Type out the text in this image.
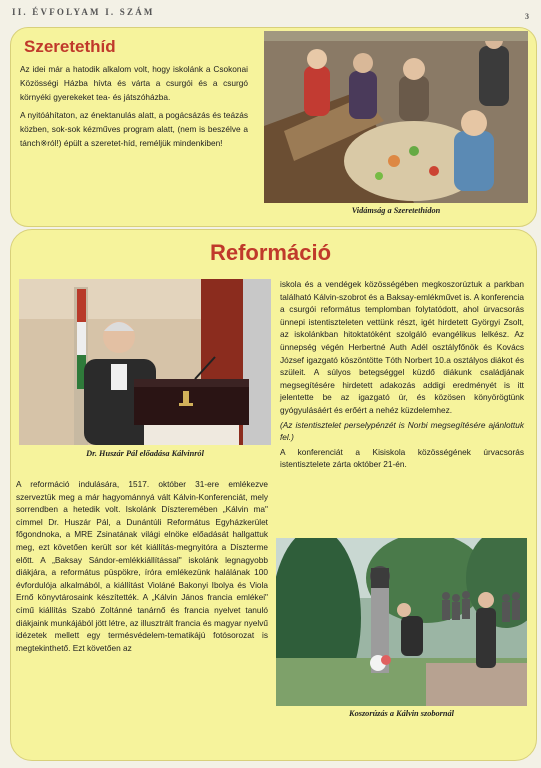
II. ÉVFOLYAM I. SZÁM	3
Szeretethíd

Az idei már a hatodik alkalom volt, hogy iskolánk a Csokonai Közösségi Házba hívta és várta a csurgói és a csurgó környéki gyerekeket tea- és játszóházba.

A nyitóáhítaton, az énektanulás alatt, a pogácsázás és teázás közben, sok-sok kézműves program alatt, (nem is beszélve a tánch※ról!) épült a szeretet-híd, reméljük mindenkiben!

Vidámság a Szeretethídon
Reformáció
Dr. Huszár Pál előadása Kálvinról

A reformáció indulására, 1517. október 31-ere emlékezve szerveztük meg a már hagyománnyá vált Kálvin-Konferenciát, mely sorrendben a hetedik volt. Iskolánk Díszteremében „Kálvin ma" címmel Dr. Huszár Pál, a Dunántúli Református Egyházkerület főgondnoka, a MRE Zsinatának világi elnöke előadását hallgattuk meg, ezt követően került sor két kiállítás-megnyitóra a Díszterme előtt. A „Baksay Sándor-emlékkiállítással" iskolánk legnagyobb diákjára, a református püspökre, íróra emlékezünk halálának 100 évfordulója alkalmából, a kiállítást Violáné Bakonyi Ibolya és Viola Ernő könyvtárosaink készítették. A „Kálvin János francia emlékei" című kiállítás Szabó Zoltánné tanárnő és francia nyelvet tanuló diákjaink munkájából jött létre, az illusztrált francia és magyar nyelvű idézetek mellett egy termésvédelem-tematikájú fotósorozat is megtekinthető. Ezt követően az

iskola és a vendégek közösségében megkoszorúztuk a parkban található Kálvin-szobrot és a Baksay-emlékművet is. A konferencia a csurgói református templomban folytatódott, ahol úrvacsorás ünnepi istentiszteleten vettünk részt, igét hirdetett Györgyi Zsolt, az iskolánkban hitoktatóként szolgáló evangélikus lelkész. Az ünnepség végén Herbertné Auth Adél osztályfőnök és Kovács József igazgató köszöntötte Tóth Norbert 10.a osztályos diákot és szüleit. A súlyos betegséggel küzdő diákunk családjának megsegítésére hirdetett adakozás addigi eredményét is itt jelentette be az igazgató úr, és közösen könyörögtünk gyógyulásáért és erőért a nehéz küzdelemhez.

(Az istentisztelet perselypénzét is Norbi megsegítésére ajánlottuk fel.)

A konferenciát a Kisiskola közösségének úrvacsorás istentisztelete zárta október 21-én.

Koszorúzás a Kálvin szobornál
